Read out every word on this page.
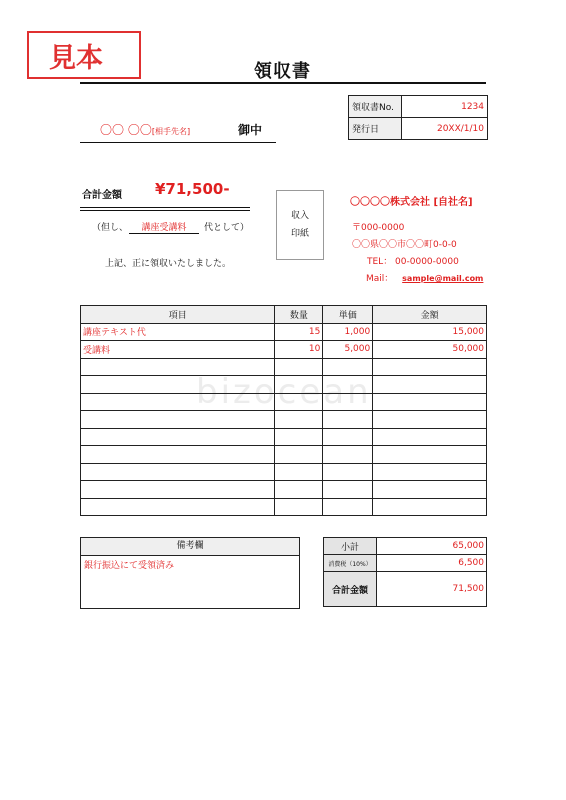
bizocean
見本	領収書
領収書No.	1234
発行日	20XX/1/10
〇〇 〇〇[相手先名]	御中
合計金額 ¥71,500-
（但し、	講座受講料	代として）
上記、正に領収いたしました。
収入
印紙
〇〇〇〇株式会社 [自社名]
〒000-0000
〇〇県〇〇市〇〇町0-0-0
TEL： 00-0000-0000
Mail： sample@mail.com
項目	数量	単価	金額
講座テキスト代	15	1,000	15,000
受講料	10	5,000	50,000

備考欄
銀行振込にて受領済み
小計	65,000
消費税（10%）	6,500
合計金額	71,500
